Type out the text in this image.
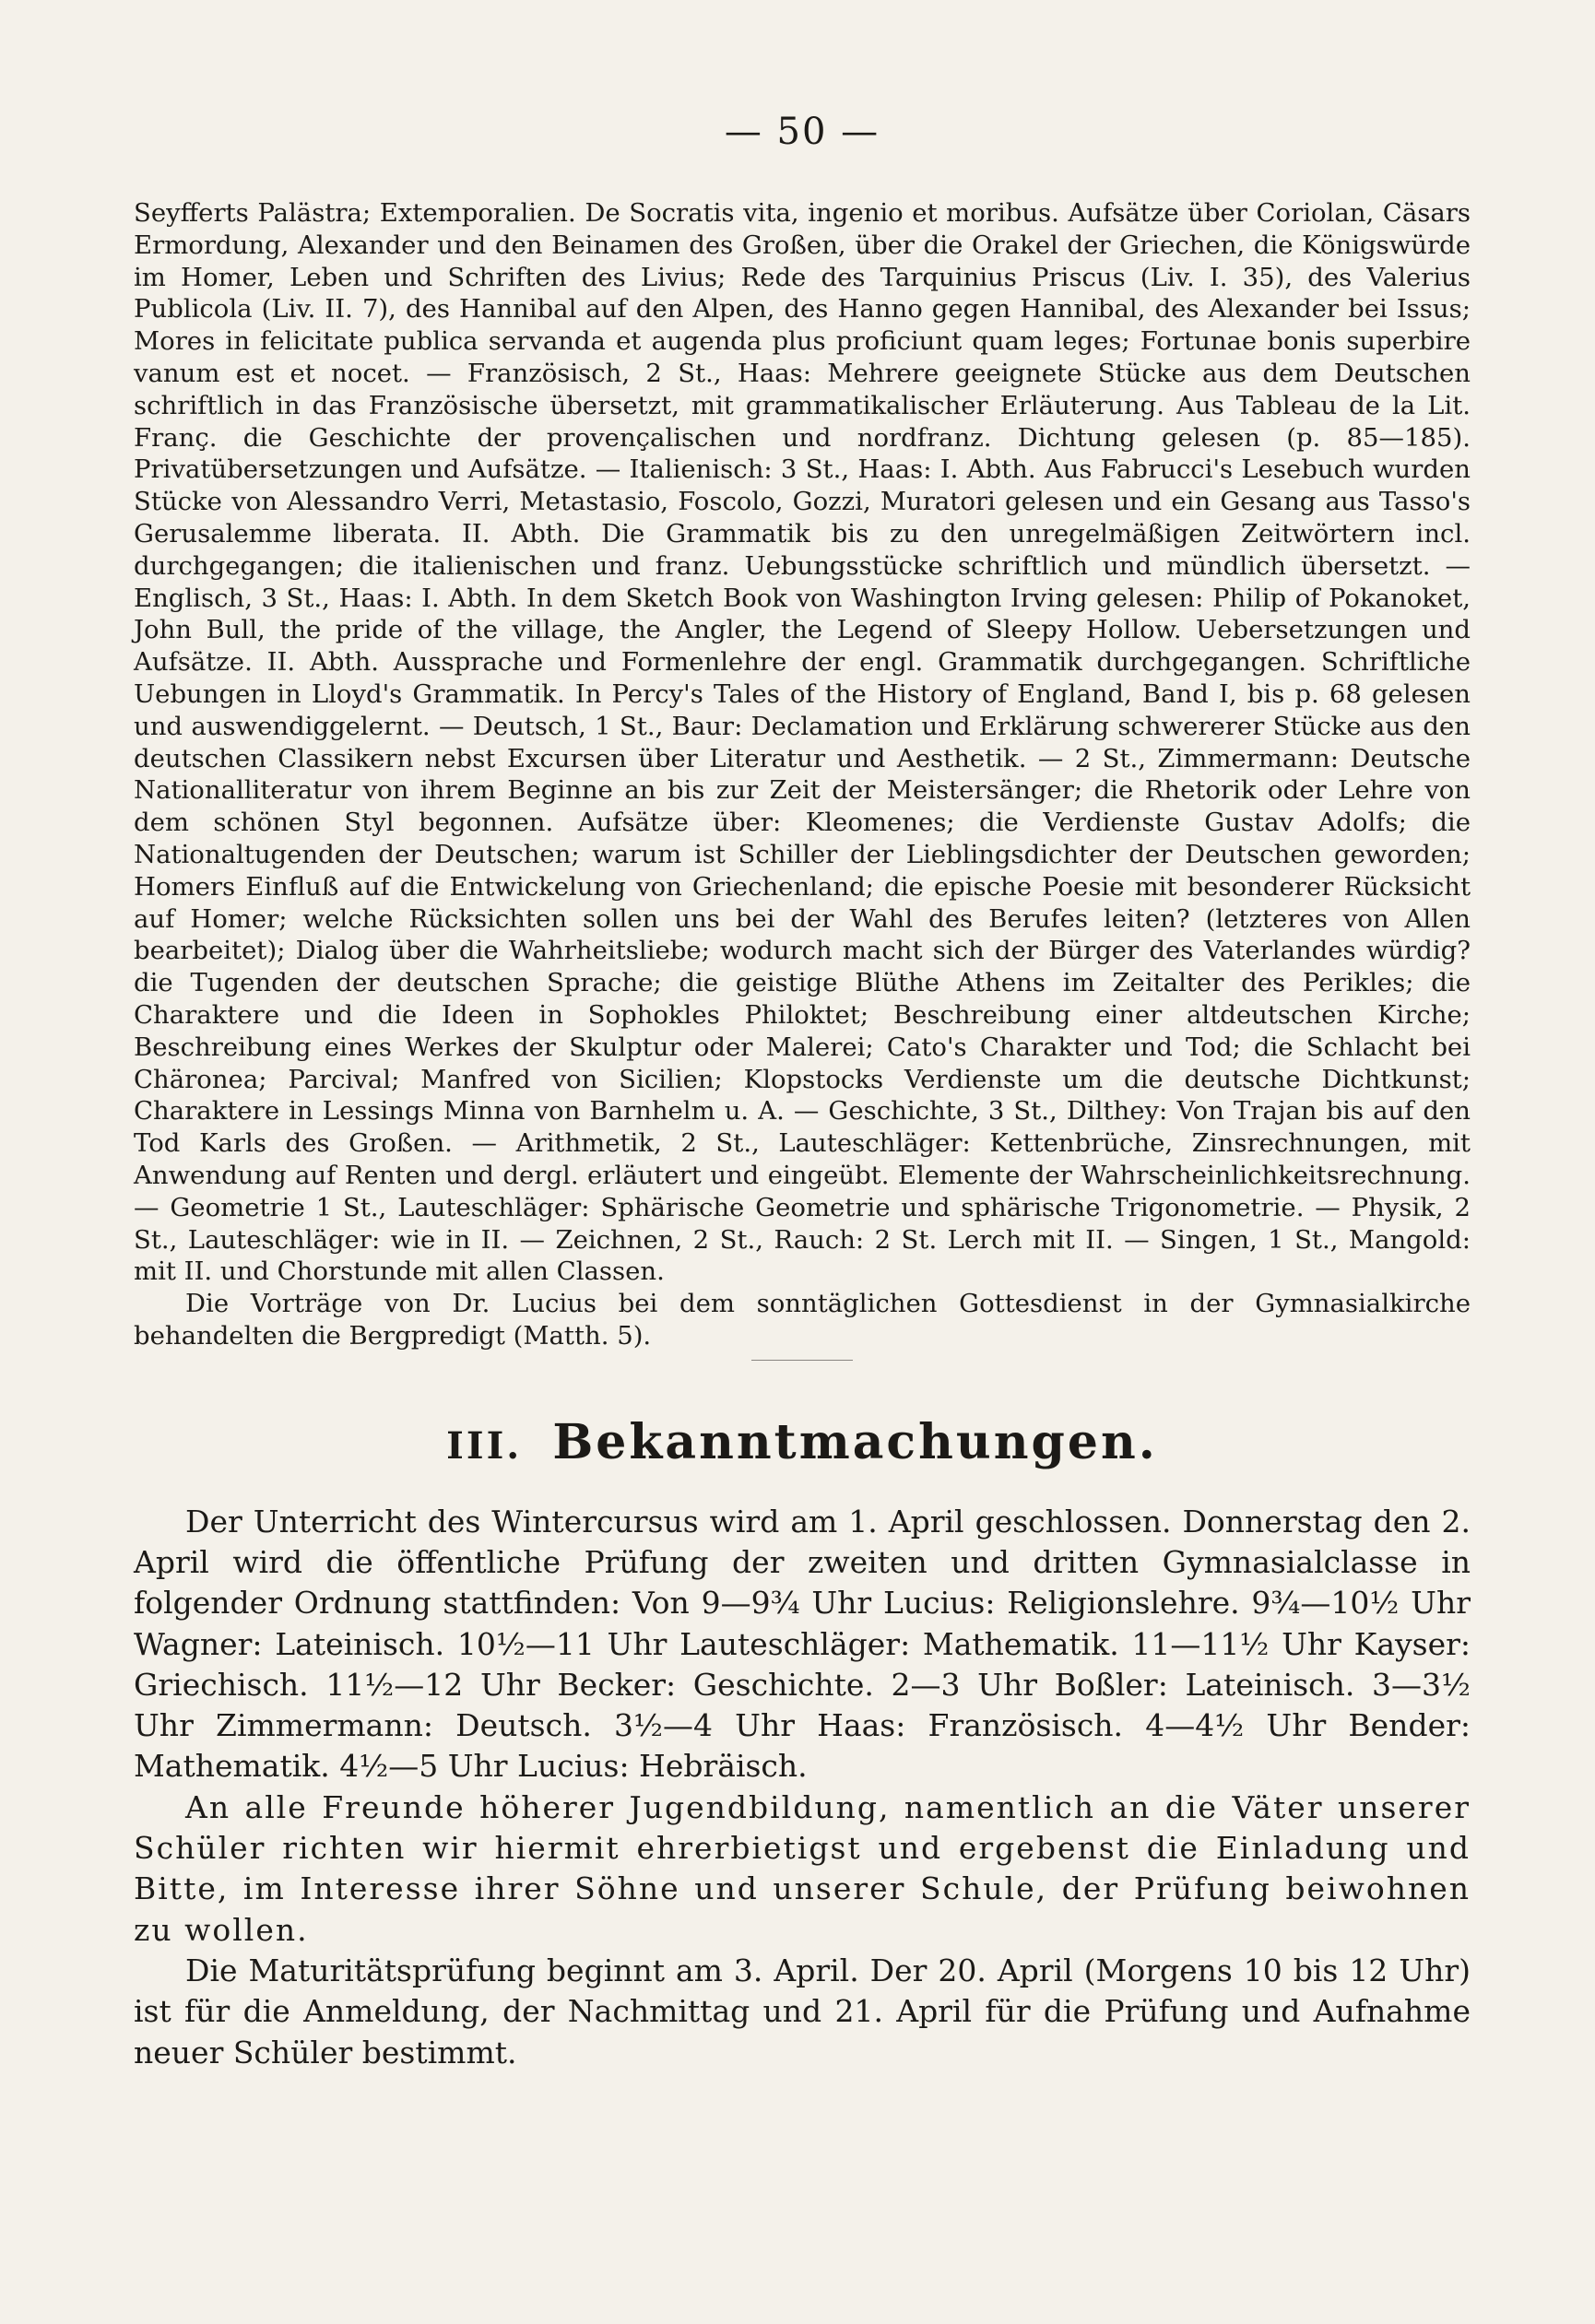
— 50 —

Seyfferts Palästra; Extemporalien. De Socratis vita, ingenio et moribus. Aufsätze über Coriolan, Cäsars Ermordung, Alexander und den Beinamen des Großen, über die Orakel der Griechen, die Königswürde im Homer, Leben und Schriften des Livius; Rede des Tarquinius Priscus (Liv. I. 35), des Valerius Publicola (Liv. II. 7), des Hannibal auf den Alpen, des Hanno gegen Hannibal, des Alexander bei Issus; Mores in felicitate publica servanda et augenda plus proficiunt quam leges; Fortunae bonis superbire vanum est et nocet. — Französisch, 2 St., Haas: Mehrere geeignete Stücke aus dem Deutschen schriftlich in das Französische übersetzt, mit grammatikalischer Erläuterung. Aus Tableau de la Lit. Franç. die Geschichte der provençalischen und nordfranz. Dichtung gelesen (p. 85—185). Privatübersetzungen und Aufsätze. — Italienisch: 3 St., Haas: I. Abth. Aus Fabrucci's Lesebuch wurden Stücke von Alessandro Verri, Metastasio, Foscolo, Gozzi, Muratori gelesen und ein Gesang aus Tasso's Gerusalemme liberata. II. Abth. Die Grammatik bis zu den unregelmäßigen Zeitwörtern incl. durchgegangen; die italienischen und franz. Uebungsstücke schriftlich und mündlich übersetzt. — Englisch, 3 St., Haas: I. Abth. In dem Sketch Book von Washington Irving gelesen: Philip of Pokanoket, John Bull, the pride of the village, the Angler, the Legend of Sleepy Hollow. Uebersetzungen und Aufsätze. II. Abth. Aussprache und Formenlehre der engl. Grammatik durchgegangen. Schriftliche Uebungen in Lloyd's Grammatik. In Percy's Tales of the History of England, Band I, bis p. 68 gelesen und auswendiggelernt. — Deutsch, 1 St., Baur: Declamation und Erklärung schwererer Stücke aus den deutschen Classikern nebst Excursen über Literatur und Aesthetik. — 2 St., Zimmermann: Deutsche Nationalliteratur von ihrem Beginne an bis zur Zeit der Meistersänger; die Rhetorik oder Lehre von dem schönen Styl begonnen. Aufsätze über: Kleomenes; die Verdienste Gustav Adolfs; die Nationaltugenden der Deutschen; warum ist Schiller der Lieblingsdichter der Deutschen geworden; Homers Einfluß auf die Entwickelung von Griechenland; die epische Poesie mit besonderer Rücksicht auf Homer; welche Rücksichten sollen uns bei der Wahl des Berufes leiten? (letzteres von Allen bearbeitet); Dialog über die Wahrheitsliebe; wodurch macht sich der Bürger des Vaterlandes würdig? die Tugenden der deutschen Sprache; die geistige Blüthe Athens im Zeitalter des Perikles; die Charaktere und die Ideen in Sophokles Philoktet; Beschreibung einer altdeutschen Kirche; Beschreibung eines Werkes der Skulptur oder Malerei; Cato's Charakter und Tod; die Schlacht bei Chäronea; Parcival; Manfred von Sicilien; Klopstocks Verdienste um die deutsche Dichtkunst; Charaktere in Lessings Minna von Barnhelm u. A. — Geschichte, 3 St., Dilthey: Von Trajan bis auf den Tod Karls des Großen. — Arithmetik, 2 St., Lauteschläger: Kettenbrüche, Zinsrechnungen, mit Anwendung auf Renten und dergl. erläutert und eingeübt. Elemente der Wahrscheinlichkeitsrechnung. — Geometrie 1 St., Lauteschläger: Sphärische Geometrie und sphärische Trigonometrie. — Physik, 2 St., Lauteschläger: wie in II. — Zeichnen, 2 St., Rauch: 2 St. Lerch mit II. — Singen, 1 St., Mangold: mit II. und Chorstunde mit allen Classen.

Die Vorträge von Dr. Lucius bei dem sonntäglichen Gottesdienst in der Gymnasialkirche behandelten die Bergpredigt (Matth. 5).

III. Bekanntmachungen.

Der Unterricht des Wintercursus wird am 1. April geschlossen. Donnerstag den 2. April wird die öffentliche Prüfung der zweiten und dritten Gymnasialclasse in folgender Ordnung stattfinden: Von 9—9¾ Uhr Lucius: Religionslehre. 9¾—10½ Uhr Wagner: Lateinisch. 10½—11 Uhr Lauteschläger: Mathematik. 11—11½ Uhr Kayser: Griechisch. 11½—12 Uhr Becker: Geschichte. 2—3 Uhr Boßler: Lateinisch. 3—3½ Uhr Zimmermann: Deutsch. 3½—4 Uhr Haas: Französisch. 4—4½ Uhr Bender: Mathematik. 4½—5 Uhr Lucius: Hebräisch.

An alle Freunde höherer Jugendbildung, namentlich an die Väter unserer Schüler richten wir hiermit ehrerbietigst und ergebenst die Einladung und Bitte, im Interesse ihrer Söhne und unserer Schule, der Prüfung beiwohnen zu wollen.

Die Maturitätsprüfung beginnt am 3. April. Der 20. April (Morgens 10 bis 12 Uhr) ist für die Anmeldung, der Nachmittag und 21. April für die Prüfung und Aufnahme neuer Schüler bestimmt.
